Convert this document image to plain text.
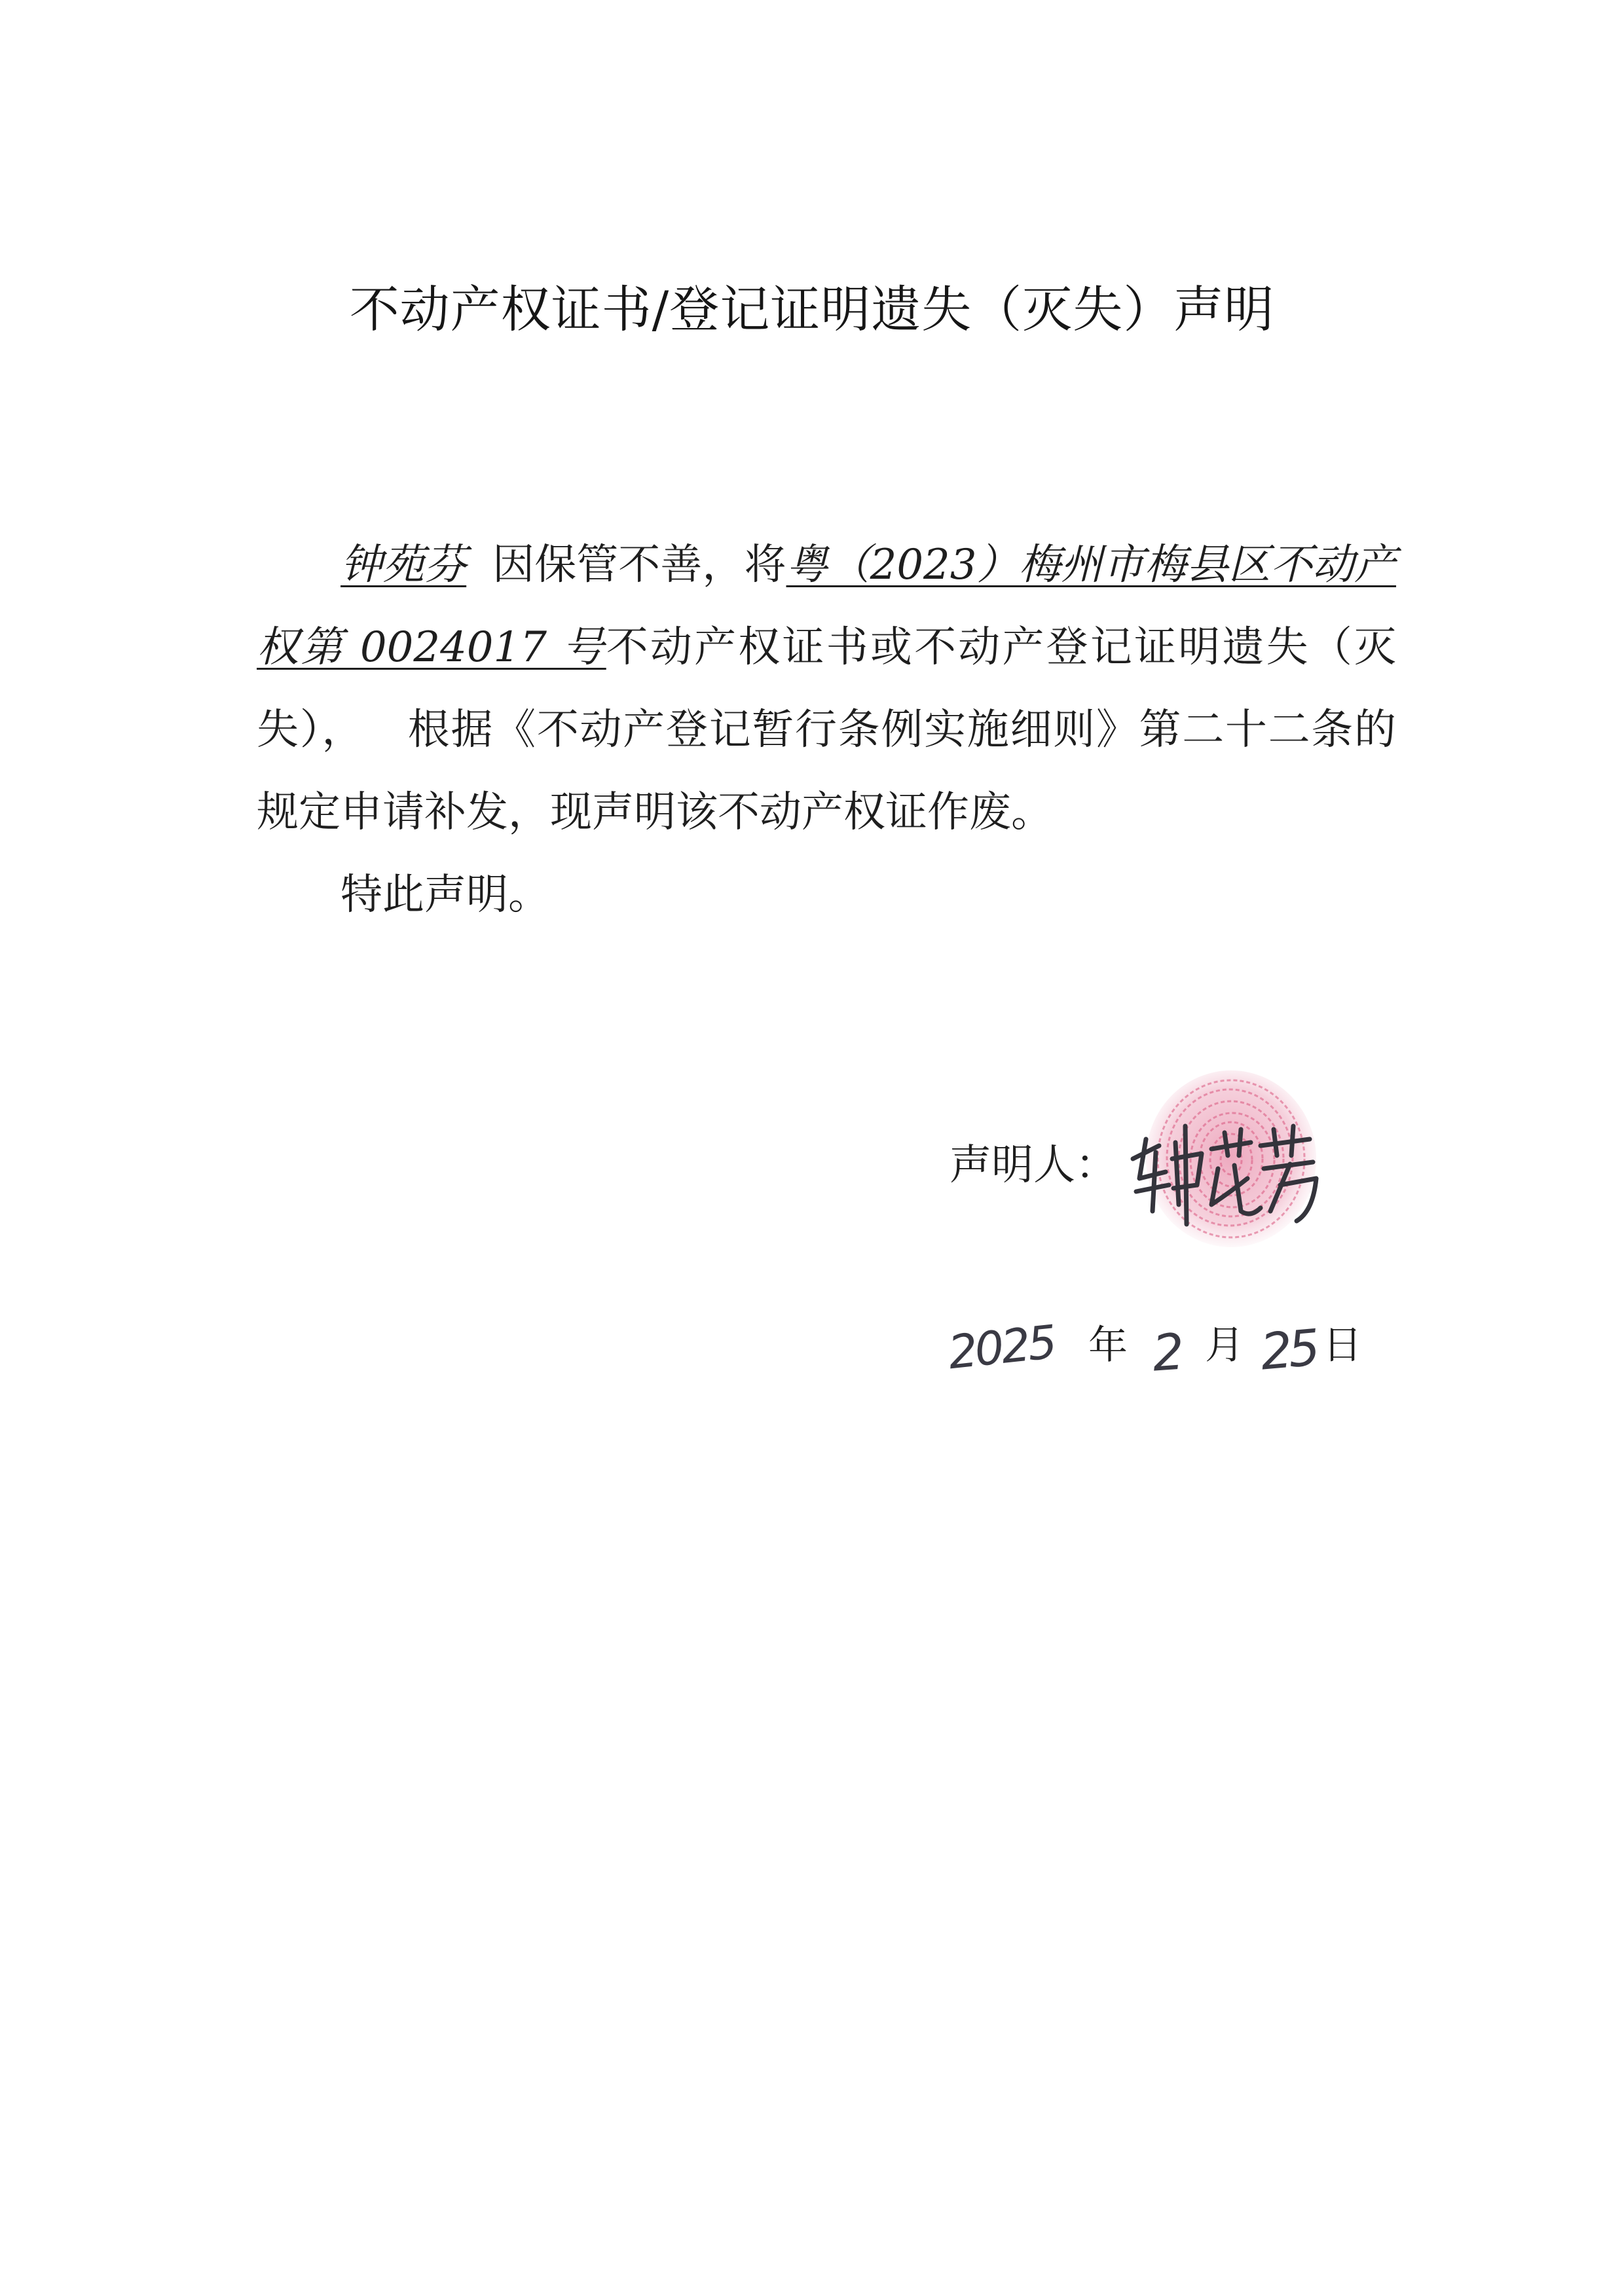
不动产权证书/登记证明遗失（灭失）声明

钟苑芬 因保管不善，将粤（2023）梅州市梅县区不动产权第 0024017 号不动产权证书或不动产登记证明遗失（灭失），  根据《不动产登记暂行条例实施细则》第二十二条的规定申请补发，现声明该不动产权证作废。

特此声明。

声明人：
2025 年 2 月 25 日
